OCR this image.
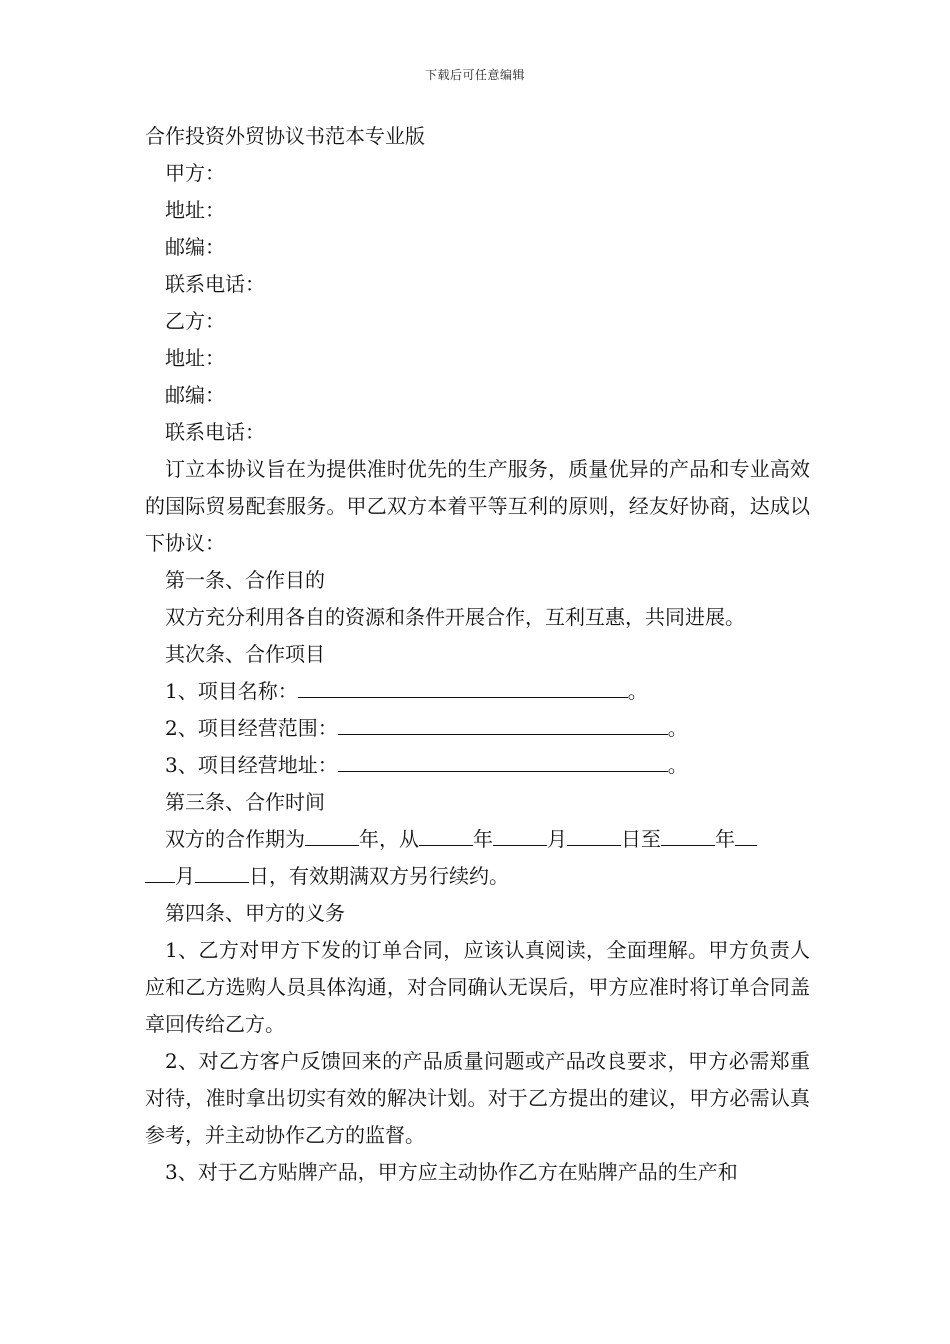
下载后可任意编辑

合作投资外贸协议书范本专业版

甲方：

地址：

邮编：

联系电话：

乙方：

地址：

邮编：

联系电话：

订立本协议旨在为提供准时优先的生产服务，质量优异的产品和专业高效的国际贸易配套服务。甲乙双方本着平等互利的原则，经友好协商，达成以下协议：

第一条、合作目的

双方充分利用各自的资源和条件开展合作，互利互惠，共同进展。

其次条、合作项目

1、项目名称：	。

2、项目经营范围：	。

3、项目经营地址：	。

第三条、合作时间

双方的合作期为	年，从	年	月	日至	年
月	日，有效期满双方另行续约。

第四条、甲方的义务

1、乙方对甲方下发的订单合同，应该认真阅读，全面理解。甲方负责人应和乙方选购人员具体沟通，对合同确认无误后，甲方应准时将订单合同盖章回传给乙方。

2、对乙方客户反馈回来的产品质量问题或产品改良要求，甲方必需郑重对待，准时拿出切实有效的解决计划。对于乙方提出的建议，甲方必需认真参考，并主动协作乙方的监督。

3、对于乙方贴牌产品，甲方应主动协作乙方在贴牌产品的生产和
